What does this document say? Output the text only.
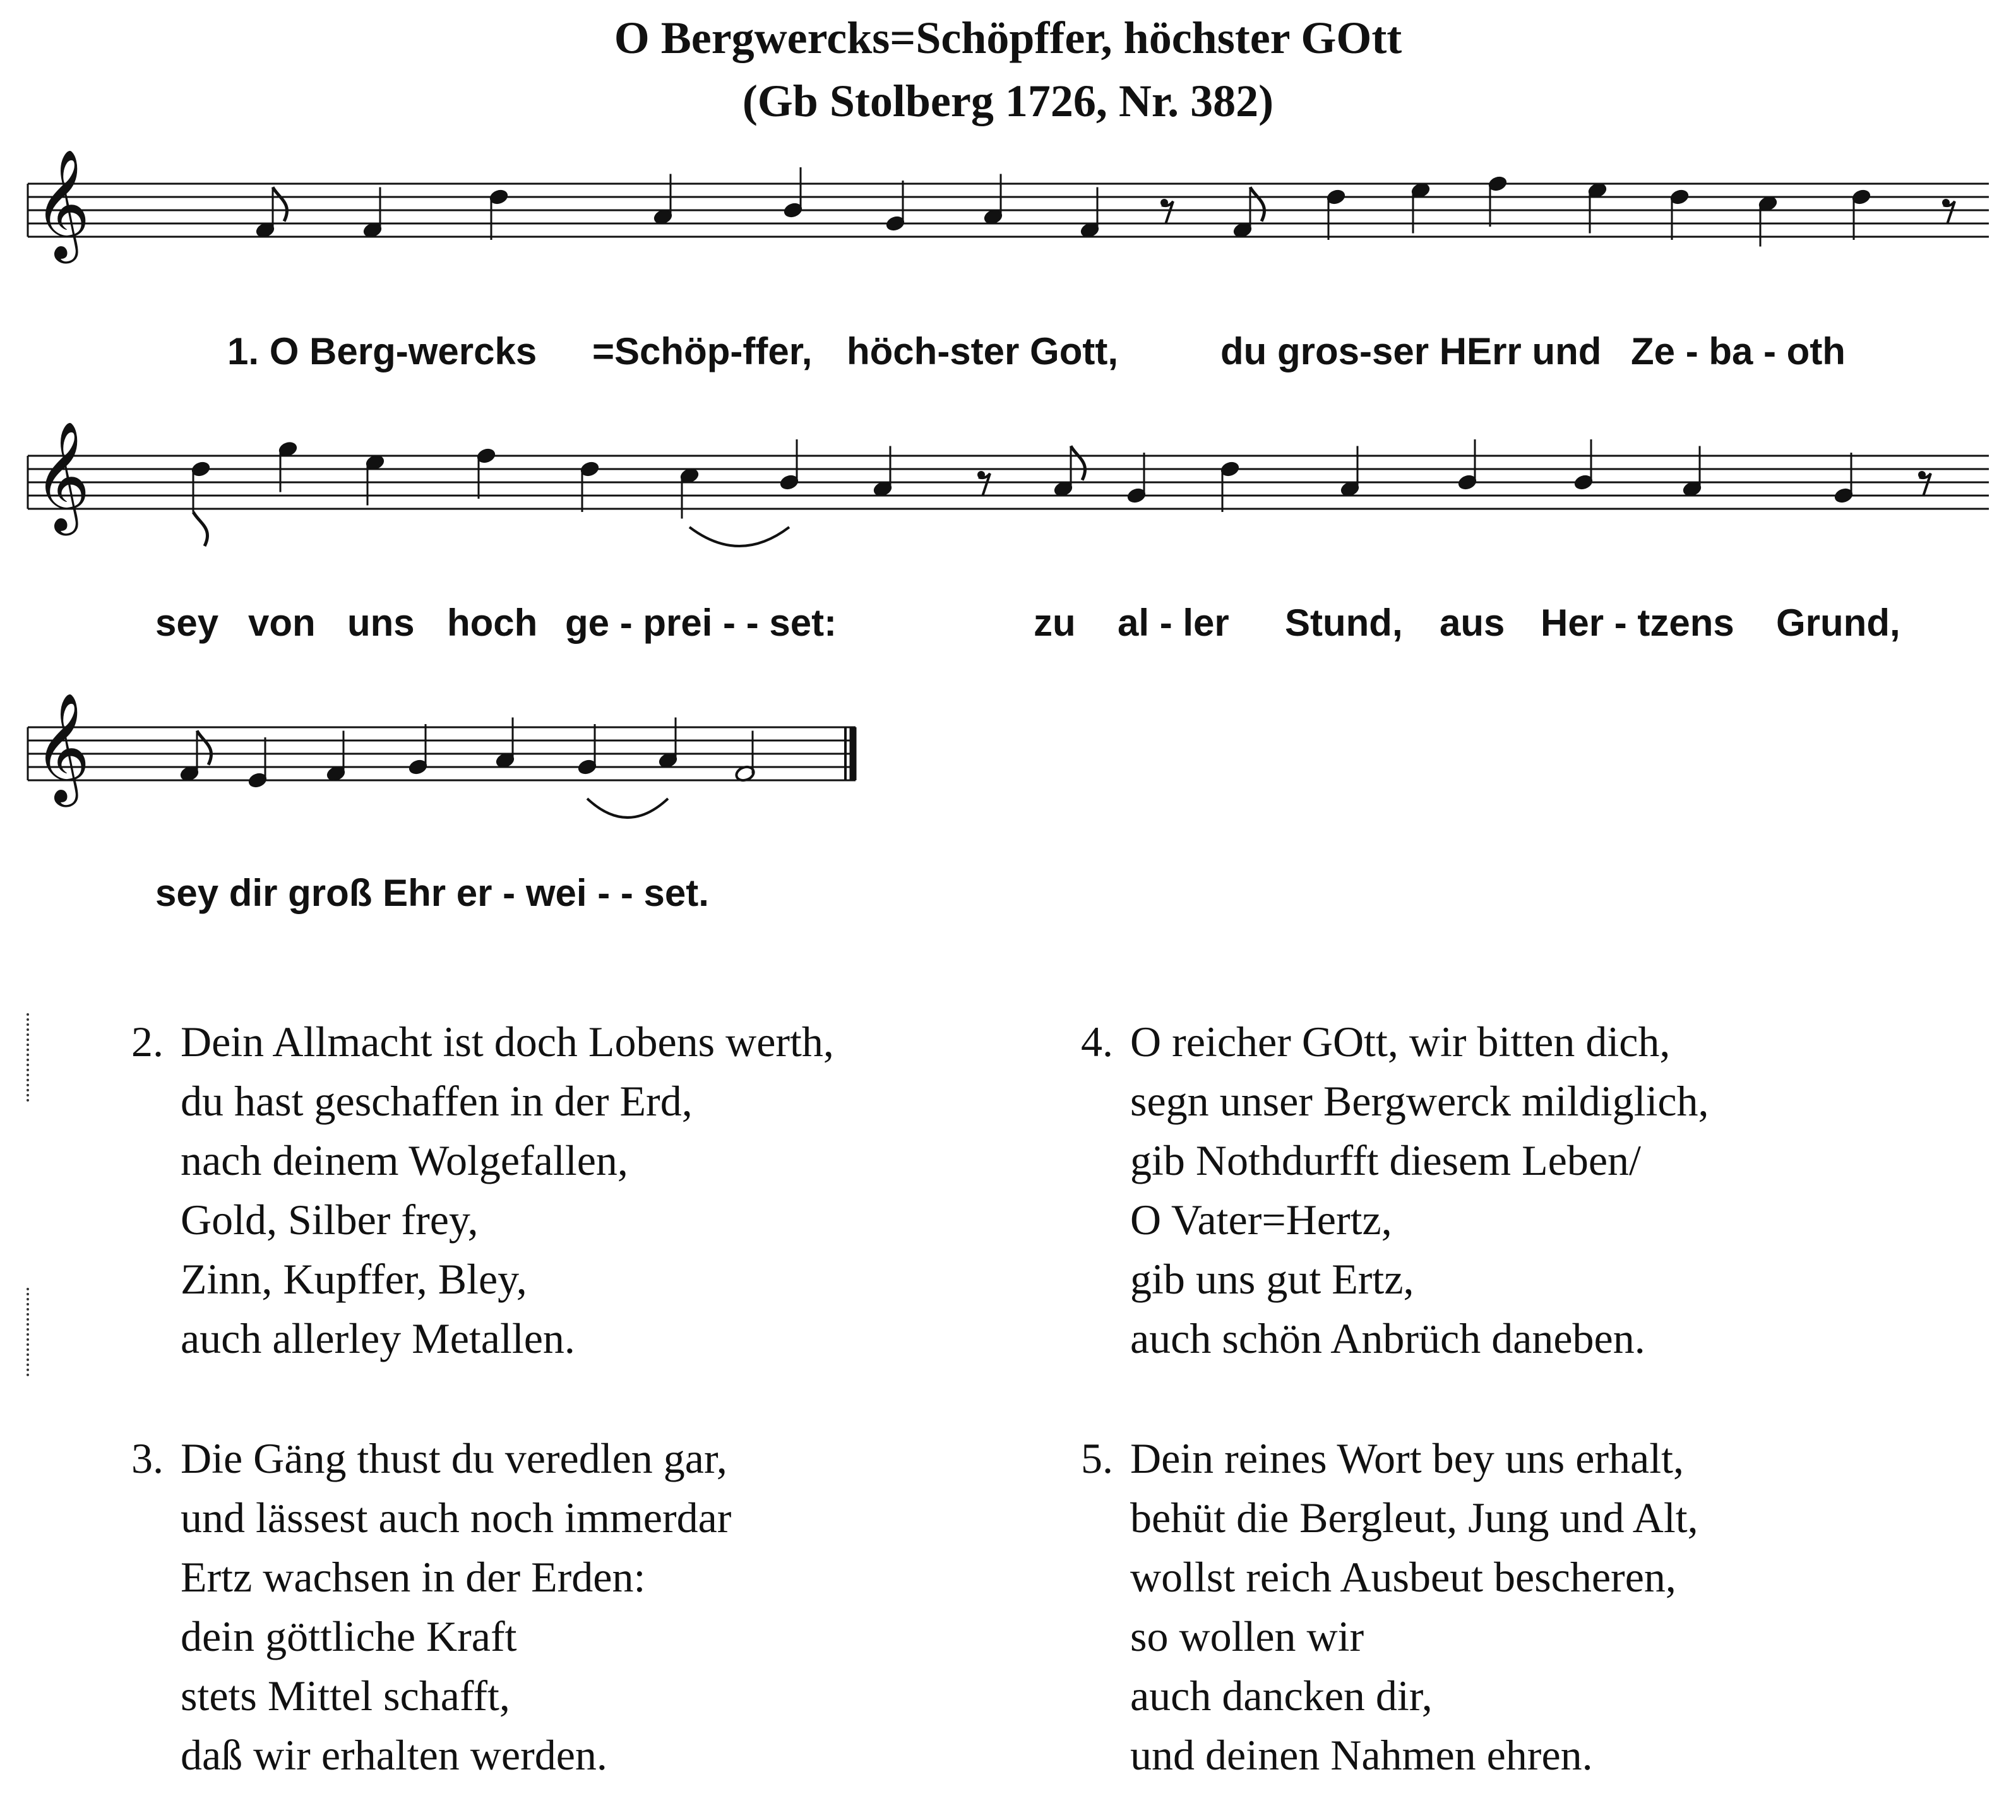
O Bergwercks=Schöpffer, höchster GOtt
(Gb Stolberg 1726, Nr. 382)
𝄞
𝄞
𝄞
1. O Berg-wercks =Schöp-ffer, höch-ster Gott,	du gros-ser HErr und Ze - ba - oth
sey von uns hoch ge - prei - - set:	zu al - ler Stund, aus Her - tzens Grund,
sey dir groß Ehr er - wei - - set.
2. Dein Allmacht ist doch Lobens werth,
du hast geschaffen in der Erd,
nach deinem Wolgefallen,
Gold, Silber frey,
Zinn, Kupffer, Bley,
auch allerley Metallen.
3. Die Gäng thust du veredlen gar,
und lässest auch noch immerdar
Ertz wachsen in der Erden:
dein göttliche Kraft
stets Mittel schafft,
daß wir erhalten werden.
4. O reicher GOtt, wir bitten dich,
segn unser Bergwerck mildiglich,
gib Nothdurfft diesem Leben/
O Vater=Hertz,
gib uns gut Ertz,
auch schön Anbrüch daneben.
5. Dein reines Wort bey uns erhalt,
behüt die Bergleut, Jung und Alt,
wollst reich Ausbeut bescheren,
so wollen wir
auch dancken dir,
und deinen Nahmen ehren.
